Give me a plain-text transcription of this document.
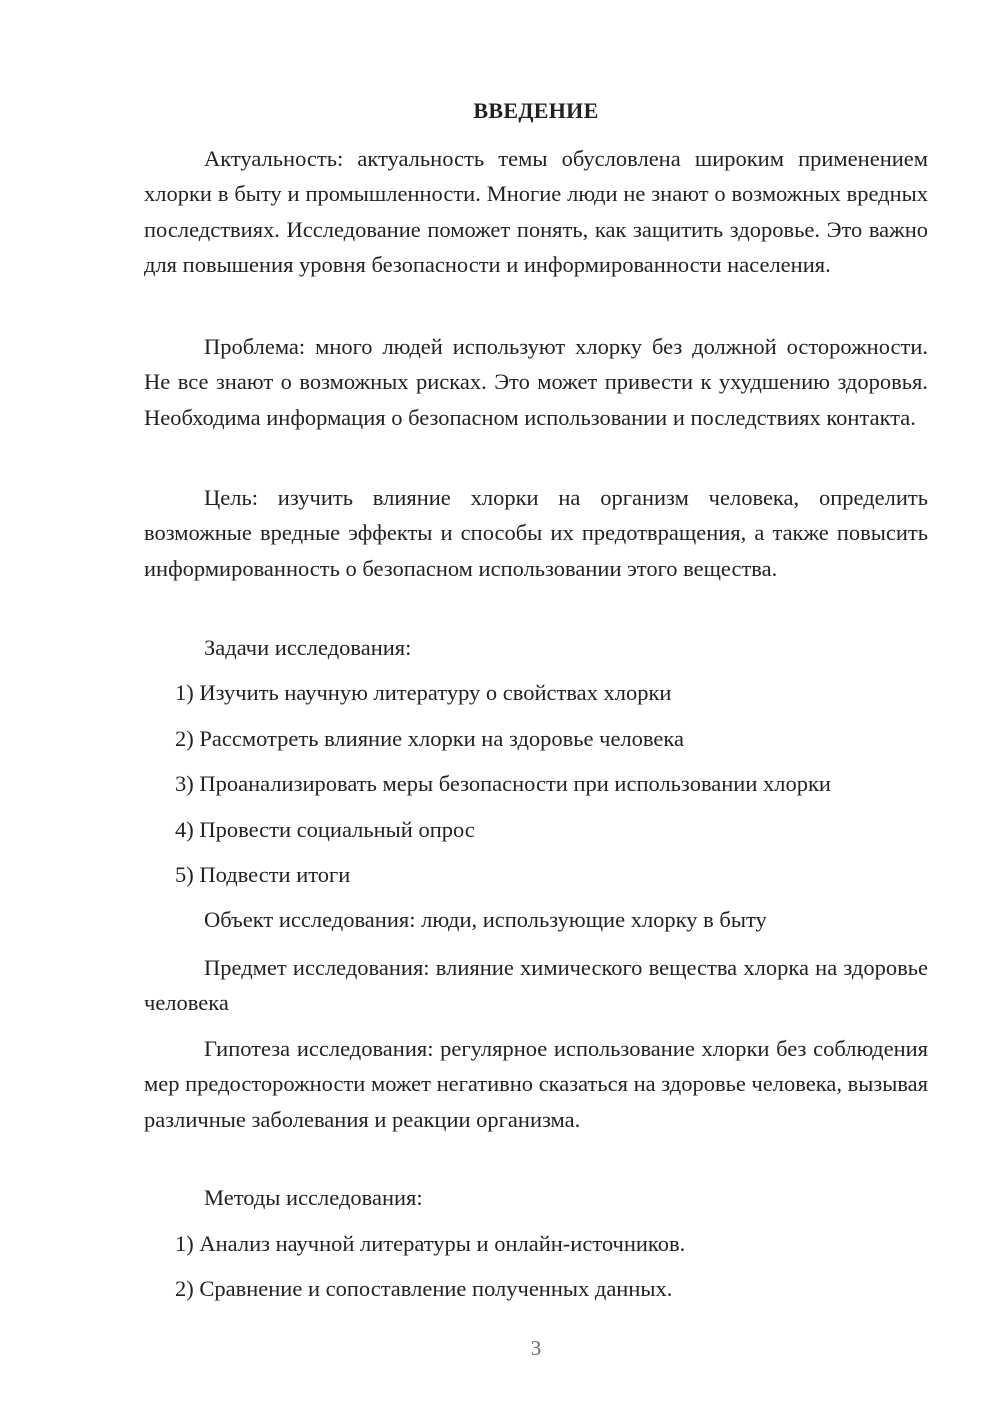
ВВЕДЕНИЕ

Актуальность: актуальность темы обусловлена широким применением хлорки в быту и промышленности. Многие люди не знают о возможных вредных последствиях. Исследование поможет понять, как защитить здоровье. Это важно для повышения уровня безопасности и информированности населения.

Проблема: много людей используют хлорку без должной осторожности. Не все знают о возможных рисках. Это может привести к ухудшению здоровья. Необходима информация о безопасном использовании и последствиях контакта.

Цель: изучить влияние хлорки на организм человека, определить возможные вредные эффекты и способы их предотвращения, а также повысить информированность о безопасном использовании этого вещества.

Задачи исследования:
1) Изучить научную литературу о свойствах хлорки
2) Рассмотреть влияние хлорки на здоровье человека
3) Проанализировать меры безопасности при использовании хлорки
4) Провести социальный опрос
5) Подвести итоги
Объект исследования: люди, использующие хлорку в быту

Предмет исследования: влияние химического вещества хлорка на здоровье человека

Гипотеза исследования: регулярное использование хлорки без соблюдения мер предосторожности может негативно сказаться на здоровье человека, вызывая различные заболевания и реакции организма.

Методы исследования:
1) Анализ научной литературы и онлайн-источников.
2) Сравнение и сопоставление полученных данных.
3
